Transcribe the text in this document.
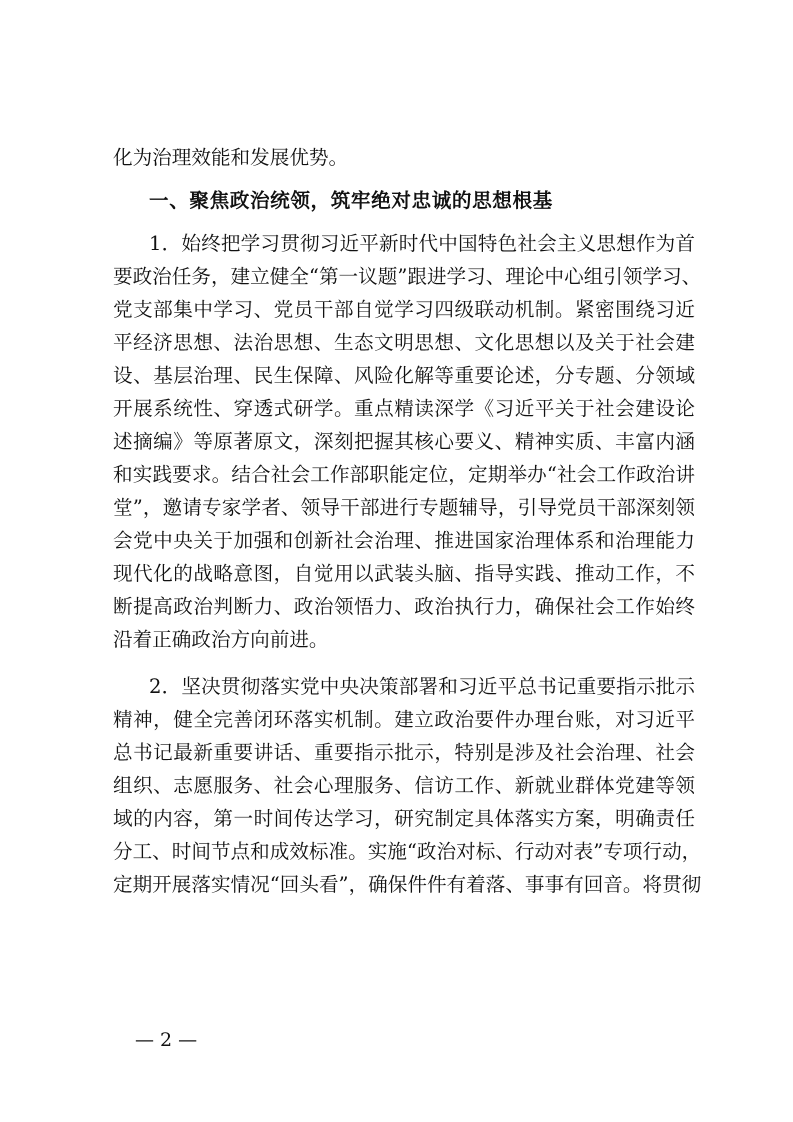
化为治理效能和发展优势。
一、聚焦政治统领，筑牢绝对忠诚的思想根基
1．始终把学习贯彻习近平新时代中国特色社会主义思想作为首
要政治任务，建立健全“第一议题”跟进学习、理论中心组引领学习、
党支部集中学习、党员干部自觉学习四级联动机制。紧密围绕习近
平经济思想、法治思想、生态文明思想、文化思想以及关于社会建
设、基层治理、民生保障、风险化解等重要论述，分专题、分领域
开展系统性、穿透式研学。重点精读深学《习近平关于社会建设论
述摘编》等原著原文，深刻把握其核心要义、精神实质、丰富内涵
和实践要求。结合社会工作部职能定位，定期举办“社会工作政治讲
堂”，邀请专家学者、领导干部进行专题辅导，引导党员干部深刻领
会党中央关于加强和创新社会治理、推进国家治理体系和治理能力
现代化的战略意图，自觉用以武装头脑、指导实践、推动工作，不
断提高政治判断力、政治领悟力、政治执行力，确保社会工作始终
沿着正确政治方向前进。
2．坚决贯彻落实党中央决策部署和习近平总书记重要指示批示
精神，健全完善闭环落实机制。建立政治要件办理台账，对习近平
总书记最新重要讲话、重要指示批示，特别是涉及社会治理、社会
组织、志愿服务、社会心理服务、信访工作、新就业群体党建等领
域的内容，第一时间传达学习，研究制定具体落实方案，明确责任
分工、时间节点和成效标准。实施“政治对标、行动对表”专项行动，
定期开展落实情况“回头看”，确保件件有着落、事事有回音。将贯彻
— 2 —
